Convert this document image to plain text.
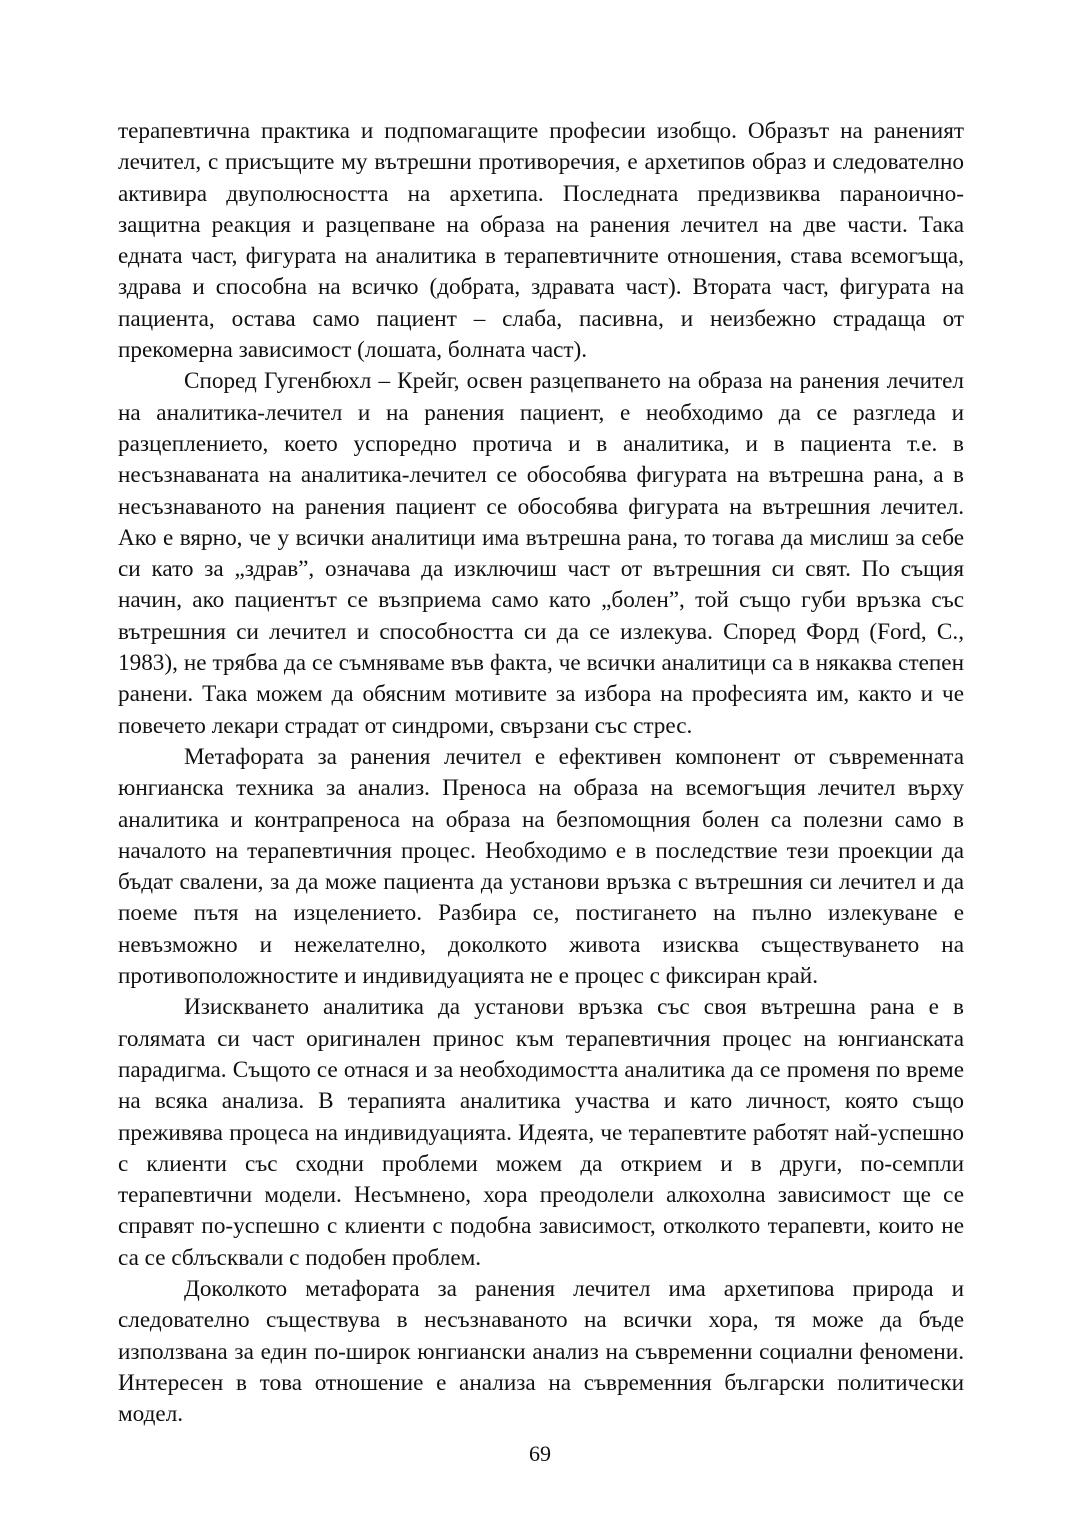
терапевтична практика и подпомагащите професии изобщо. Образът на раненият лечител, с присъщите му вътрешни противоречия, е архетипов образ и следователно активира двуполюсността на архетипа. Последната предизвиква параноично-защитна реакция и разцепване на образа на ранения лечител на две части. Така едната част, фигурата на аналитика в терапевтичните отношения, става всемогъща, здрава и способна на всичко (добрата, здравата част). Втората част, фигурата на пациента, остава само пациент – слаба, пасивна, и неизбежно страдаща от прекомерна зависимост (лошата, болната част).

Според Гугенбюхл – Крейг, освен разцепването на образа на ранения лечител на аналитика-лечител и на ранения пациент, е необходимо да се разгледа и разцеплението, което успоредно протича и в аналитика, и в пациента т.е. в несъзнаваната на аналитика-лечител се обособява фигурата на вътрешна рана, а в несъзнаваното на ранения пациент се обособява фигурата на вътрешния лечител. Ако е вярно, че у всички аналитици има вътрешна рана, то тогава да мислиш за себе си като за „здрав”, означава да изключиш част от вътрешния си свят. По същия начин, ако пациентът се възприема само като „болен”, той също губи връзка със вътрешния си лечител и способността си да се излекува. Според Форд (Ford, C., 1983), не трябва да се съмняваме във факта, че всички аналитици са в някаква степен ранени. Така можем да обясним мотивите за избора на професията им, както и че повечето лекари страдат от синдроми, свързани със стрес.

Метафората за ранения лечител е ефективен компонент от съвременната юнгианска техника за анализ. Преноса на образа на всемогъщия лечител върху аналитика и контрапреноса на образа на безпомощния болен са полезни само в началото на терапевтичния процес. Необходимо е в последствие тези проекции да бъдат свалени, за да може пациента да установи връзка с вътрешния си лечител и да поеме пътя на изцелението. Разбира се, постигането на пълно излекуване е невъзможно и нежелателно, доколкото живота изисква съществуването на противоположностите и индивидуацията не е процес с фиксиран край.

Изискването аналитика да установи връзка със своя вътрешна рана е в голямата си част оригинален принос към терапевтичния процес на юнгианската парадигма. Същото се отнася и за необходимостта аналитика да се променя по време на всяка анализа. В терапията аналитика участва и като личност, която също преживява процеса на индивидуацията. Идеята, че терапевтите работят най-успешно с клиенти със сходни проблеми можем да открием и в други, по-семпли терапевтични модели. Несъмнено, хора преодолели алкохолна зависимост ще се справят по-успешно с клиенти с подобна зависимост, отколкото терапевти, които не са се сблъсквали с подобен проблем.

Доколкото метафората за ранения лечител има архетипова природа и следователно съществува в несъзнаваното на всички хора, тя може да бъде използвана за един по-широк юнгиански анализ на съвременни социални феномени. Интересен в това отношение е анализа на съвременния български политически модел.

69
